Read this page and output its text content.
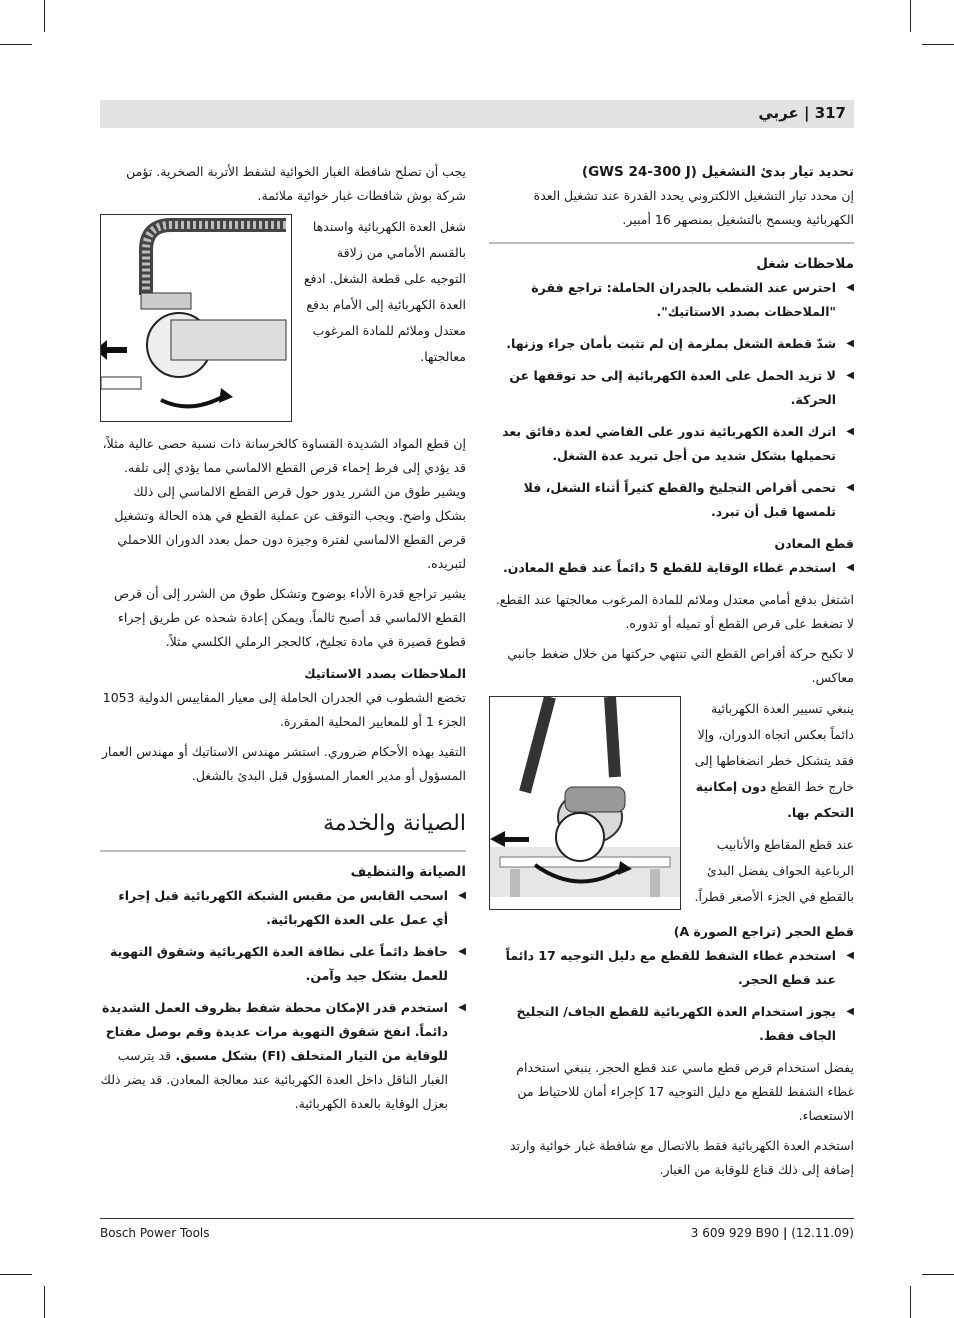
317 | عربي
تحديد تيار بدئ التشغيل (GWS 24-300 J)

إن محدد تيار التشغيل الالكتروني يحدد القدرة عند تشغيل العدة الكهربائية ويسمح بالتشغيل بمنصهر 16 أمبير.

ملاحظات شغل
◀
احترس عند الشطب بالجدران الحاملة: تراجع فقرة "الملاحظات بصدد الاستاتيك".
◀
شدّ قطعة الشغل بملزمة إن لم تثبت بأمان جراء وزنها.
◀
لا تزيد الحمل على العدة الكهربائية إلى حد توقفها عن الحركة.
◀
اترك العدة الكهربائية تدور على الفاضي لعدة دقائق بعد تحميلها بشكل شديد من أجل تبريد عدة الشغل.
◀
تحمى أقراص التجليخ والقطع كثيراً أثناء الشغل، فلا تلمسها قبل أن تبرد.
قطع المعادن
◀
استخدم غطاء الوقاية للقطع 5 دائماً عند قطع المعادن.

اشتغل بدفع أمامي معتدل وملائم للمادة المرغوب معالجتها عند القطع. لا تضغط على قرص القطع أو تميله أو تدوره.

لا تكبح حركة أقراص القطع التي تنتهي حركتها من خلال ضغط جانبي معاكس.

ينبغي تسيير العدة الكهربائية دائماً بعكس اتجاه الدوران، وإلا فقد يتشكل خطر انضغاطها إلى خارج خط القطع دون إمكانية التحكم بها.
عند قطع المقاطع والأنابيب الرباعية الحواف يفضل البدئ بالقطع في الجزء الأصغر قطراً.
قطع الحجر (تراجع الصورة A)
◀
استخدم غطاء الشفط للقطع مع دليل التوجيه 17 دائماً عند قطع الحجر.
◀
يجوز استخدام العدة الكهربائية للقطع الجاف/ التجليخ الجاف فقط.

يفضل استخدام قرص قطع ماسي عند قطع الحجر. ينبغي استخدام غطاء الشفط للقطع مع دليل التوجيه 17 كإجراء أمان للاحتياط من الاستعصاء.

استخدم العدة الكهربائية فقط بالاتصال مع شافطة غبار خوائية وارتد إضافة إلى ذلك قناع للوقاية من الغبار.

يجب أن تصلح شافطة الغبار الخوائية لشفط الأتربة الصخرية. تؤمن شركة بوش شافطات غبار خوائية ملائمة.

شغل العدة الكهربائية واسندها بالقسم الأمامي من زلاقة التوجيه على قطعة الشغل. ادفع العدة الكهربائية إلى الأمام بدفع معتدل وملائم للمادة المرغوب معالجتها.

إن قطع المواد الشديدة القساوة كالخرسانة ذات نسبة حصى عالية مثلاً، قد يؤدي إلى فرط إحماء قرص القطع الالماسي مما يؤدي إلى تلفه. ويشير طوق من الشرر يدور حول قرص القطع الالماسي إلى ذلك بشكل واضح. ويجب التوقف عن عملية القطع في هذه الحالة وتشغيل قرص القطع الالماسي لفترة وجيزة دون حمل بعدد الدوران اللاحملي لتبريده.

يشير تراجع قدرة الأداء بوضوح وتشكل طوق من الشرر إلى أن قرص القطع الالماسي قد أصبح ثالماً. ويمكن إعادة شحذه عن طريق إجراء قطوع قصيرة في مادة تجليخ، كالحجر الرملي الكلسي مثلاً.

الملاحظات بصدد الاستاتيك

تخضع الشطوب في الجدران الحاملة إلى معيار المقاييس الدولية 1053 الجزء 1 أو للمعايير المحلية المقررة.

التقيد بهذه الأحكام ضروري. استشر مهندس الاستاتيك أو مهندس العمار المسؤول أو مدير العمار المسؤول قبل البدئ بالشغل.

الصيانة والخدمة
الصيانة والتنظيف
◀
اسحب القابس من مقبس الشبكة الكهربائية قبل إجراء أي عمل على العدة الكهربائية.
◀
حافظ دائماً على نظافة العدة الكهربائية وشقوق التهوية للعمل بشكل جيد وآمن.
◀
استخدم قدر الإمكان محطة شفط بظروف العمل الشديدة دائماً. انفخ شقوق التهوية مرات عديدة وقم بوصل مفتاح للوقاية من التيار المتخلف (FI) بشكل مسبق. قد يترسب الغبار الناقل داخل العدة الكهربائية عند معالجة المعادن. قد يضر ذلك بعزل الوقاية بالعدة الكهربائية.
Bosch Power Tools	3 609 929 B90 | (12.11.09)
